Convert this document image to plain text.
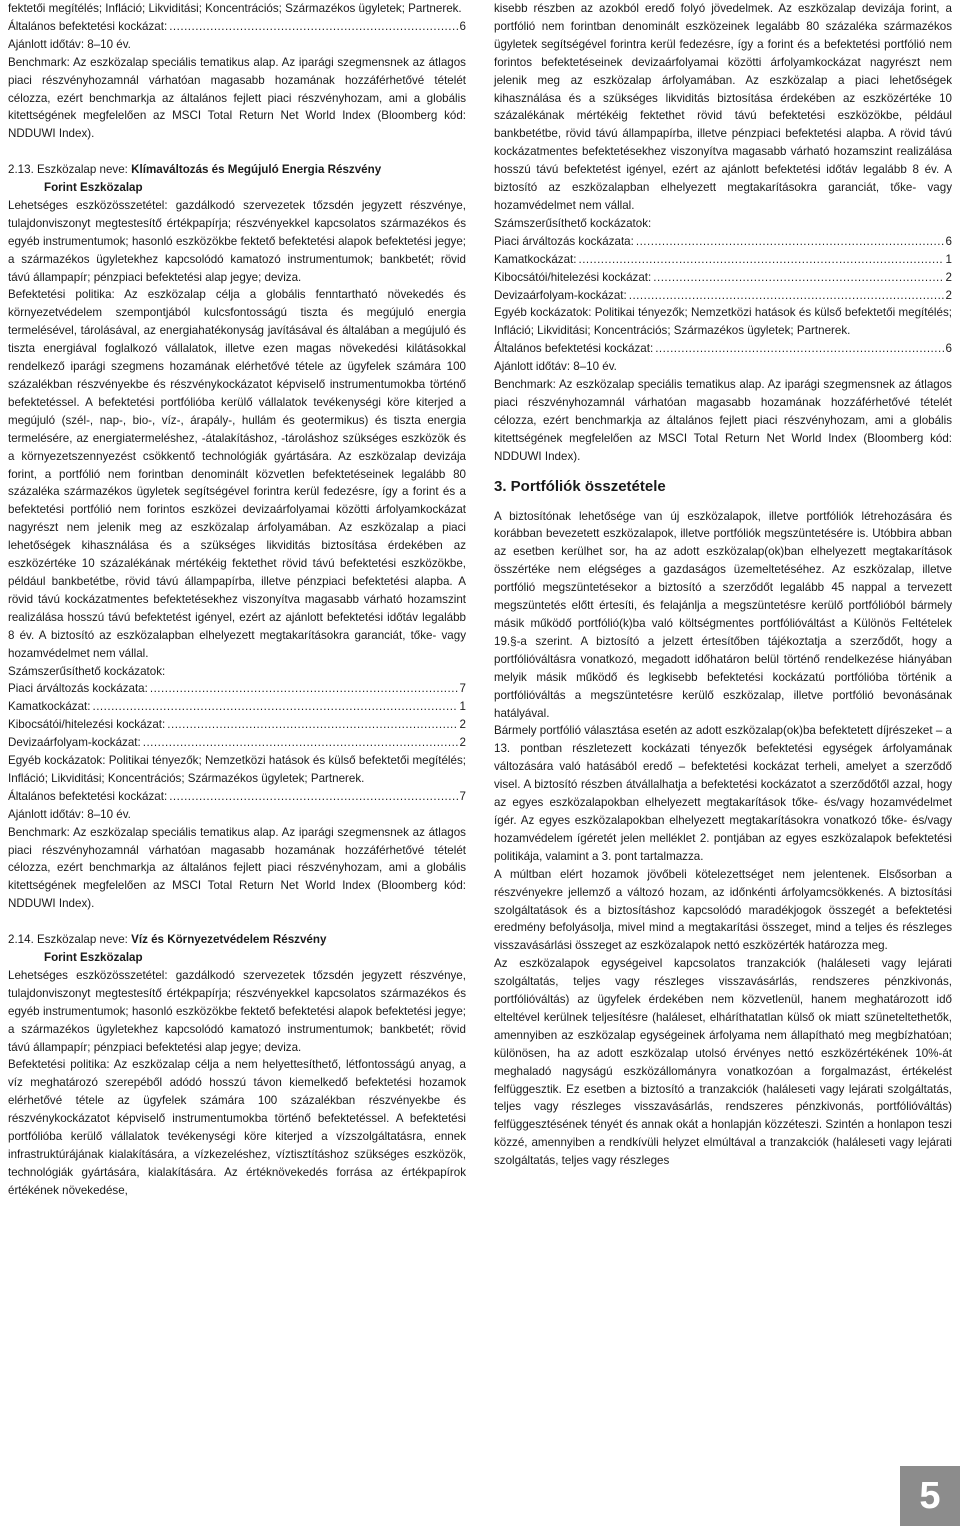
fektetői megítélés; Infláció; Likviditási; Koncentrációs; Származékos ügyletek; Partnerek.

Általános befektetési kockázat: .....	6

Ajánlott időtáv: 8–10 év.

Benchmark: Az eszközalap speciális tematikus alap. Az iparági szegmensnek az átlagos piaci részvényhozamnál várhatóan magasabb hozamának hozzáférhetővé tételét célozza, ezért benchmarkja az általános fejlett piaci részvényhozam, ami a globális kitettségének megfelelően az MSCI Total Return Net World Index (Bloomberg kód: NDDUWI Index).

2.13. Eszközalap neve: Klímaváltozás és Megújuló Energia Részvény

Forint Eszközalap

Lehetséges eszközösszetétel: gazdálkodó szervezetek tőzsdén jegyzett részvénye, tulajdonviszonyt megtestesítő értékpapírja; részvényekkel kapcsolatos származékos és egyéb instrumentumok; hasonló eszközökbe fektető befektetési alapok befektetési jegye; a származékos ügyletekhez kapcsolódó kamatozó instrumentumok; bankbetét; rövid távú állampapír; pénzpiaci befektetési alap jegye; deviza.

Befektetési politika: Az eszközalap célja a globális fenntartható növekedés és környezetvédelem szempontjából kulcsfontosságú tiszta és megújuló energia termelésével, tárolásával, az energiahatékonyság javításával és általában a megújuló és tiszta energiával foglalkozó vállalatok, illetve ezen magas növekedési kilátásokkal rendelkező iparági szegmens hozamának elérhetővé tétele az ügyfelek számára 100 százalékban részvényekbe és részvénykockázatot képviselő instrumentumokba történő befektetéssel. A befektetési portfólióba kerülő vállalatok tevékenységi köre kiterjed a megújuló (szél-, nap-, bio-, víz-, árapály-, hullám és geotermikus) és tiszta energia termelésére, az energiatermeléshez, -átalakításhoz, -tároláshoz szükséges eszközök és a környezetszennyezést csökkentő technológiák gyártására. Az eszközalap devizája forint, a portfólió nem forintban denominált közvetlen befektetéseinek legalább 80 százaléka származékos ügyletek segítségével forintra kerül fedezésre, így a forint és a befektetési portfólió nem forintos eszközei devizaárfolyamai közötti árfolyamkockázat nagyrészt nem jelenik meg az eszközalap árfolyamában. Az eszközalap a piaci lehetőségek kihasználása és a szükséges likviditás biztosítása érdekében az eszközértéke 10 százalékának mértékéig fektethet rövid távú befektetési eszközökbe, például bankbetétbe, rövid távú állampapírba, illetve pénzpiaci befektetési alapba. A rövid távú kockázatmentes befektetésekhez viszonyítva magasabb várható hozamszint realizálása hosszú távú befektetést igényel, ezért az ajánlott befektetési időtáv legalább 8 év. A biztosító az eszközalapban elhelyezett megtakarításokra garanciát, tőke- vagy hozamvédelmet nem vállal.

Számszerűsíthető kockázatok:

Piaci árváltozás kockázata: .....	7
Kamatkockázat: .....	1
Kibocsátói/hitelezési kockázat: .....	2
Devizaárfolyam-kockázat: .....	2

Egyéb kockázatok: Politikai tényezők; Nemzetközi hatások és külső befektetői megítélés; Infláció; Likviditási; Koncentrációs; Származékos ügyletek; Partnerek.

Általános befektetési kockázat: .....	7

Ajánlott időtáv: 8–10 év.

Benchmark: Az eszközalap speciális tematikus alap. Az iparági szegmensnek az átlagos piaci részvényhozamnál várhatóan magasabb hozamának hozzáférhetővé tételét célozza, ezért benchmarkja az általános fejlett piaci részvényhozam, ami a globális kitettségének megfelelően az MSCI Total Return Net World Index (Bloomberg kód: NDDUWI Index).

2.14. Eszközalap neve: Víz és Környezetvédelem Részvény

Forint Eszközalap

Lehetséges eszközösszetétel: gazdálkodó szervezetek tőzsdén jegyzett részvénye, tulajdonviszonyt megtestesítő értékpapírja; részvényekkel kapcsolatos származékos és egyéb instrumentumok; hasonló eszközökbe fektető befektetési alapok befektetési jegye; a származékos ügyletekhez kapcsolódó kamatozó instrumentumok; bankbetét; rövid távú állampapír; pénzpiaci befektetési alap jegye; deviza.

Befektetési politika: Az eszközalap célja a nem helyettesíthető, létfontosságú anyag, a víz meghatározó szerepéből adódó hosszú távon kiemelkedő befektetési hozamok elérhetővé tétele az ügyfelek számára 100 százalékban részvényekbe és részvénykockázatot képviselő instrumentumokba történő befektetéssel. A befektetési portfólióba kerülő vállalatok tevékenységi köre kiterjed a vízszolgáltatásra, ennek infrastruktúrájának kialakítására, a vízkezeléshez, víztisztításhoz szükséges eszközök, technológiák gyártására, kialakítására. Az értéknövekedés forrása az értékpapírok értékének növekedése,

kisebb részben az azokból eredő folyó jövedelmek. Az eszközalap devizája forint, a portfólió nem forintban denominált eszközeinek legalább 80 százaléka származékos ügyletek segítségével forintra kerül fedezésre, így a forint és a befektetési portfólió nem forintos befektetéseinek devizaárfolyamai közötti árfolyamkockázat nagyrészt nem jelenik meg az eszközalap árfolyamában. Az eszközalap a piaci lehetőségek kihasználása és a szükséges likviditás biztosítása érdekében az eszközértéke 10 százalékának mértékéig fektethet rövid távú befektetési eszközökbe, például bankbetétbe, rövid távú állampapírba, illetve pénzpiaci befektetési alapba. A rövid távú kockázatmentes befektetésekhez viszonyítva magasabb várható hozamszint realizálása hosszú távú befektetést igényel, ezért az ajánlott befektetési időtáv legalább 8 év. A biztosító az eszközalapban elhelyezett megtakarításokra garanciát, tőke- vagy hozamvédelmet nem vállal.

Számszerűsíthető kockázatok:

Piaci árváltozás kockázata: .....	6
Kamatkockázat: .....	1
Kibocsátói/hitelezési kockázat: .....	2
Devizaárfolyam-kockázat: .....	2

Egyéb kockázatok: Politikai tényezők; Nemzetközi hatások és külső befektetői megítélés; Infláció; Likviditási; Koncentrációs; Származékos ügyletek; Partnerek.

Általános befektetési kockázat: .....	6

Ajánlott időtáv: 8–10 év.

Benchmark: Az eszközalap speciális tematikus alap. Az iparági szegmensnek az átlagos piaci részvényhozamnál várhatóan magasabb hozamának hozzáférhetővé tételét célozza, ezért benchmarkja az általános fejlett piaci részvényhozam, ami a globális kitettségének megfelelően az MSCI Total Return Net World Index (Bloomberg kód: NDDUWI Index).

3. Portfóliók összetétele

A biztosítónak lehetősége van új eszközalapok, illetve portfóliók létrehozására és korábban bevezetett eszközalapok, illetve portfóliók megszüntetésére is. Utóbbira abban az esetben kerülhet sor, ha az adott eszközalap(ok)ban elhelyezett megtakarítások összértéke nem elégséges a gazdaságos üzemeltetéséhez. Az eszközalap, illetve portfólió megszüntetésekor a biztosító a szerződőt legalább 45 nappal a tervezett megszüntetés előtt értesíti, és felajánlja a megszüntetésre kerülő portfólióból bármely másik működő portfólió(k)ba való költségmentes portfólióváltást a Különös Feltételek 19.§-a szerint. A biztosító a jelzett értesítőben tájékoztatja a szerződőt, hogy a portfólióváltásra vonatkozó, megadott időhatáron belül történő rendelkezése hiányában melyik másik működő és legkisebb befektetési kockázatú portfólióba történik a portfólióváltás a megszüntetésre kerülő eszközalap, illetve portfólió bevonásának hatályával.

Bármely portfólió választása esetén az adott eszközalap(ok)ba befektetett díjrészeket – a 13. pontban részletezett kockázati tényezők befektetési egységek árfolyamának változására való hatásából eredő – befektetési kockázat terheli, amelyet a szerződő visel. A biztosító részben átvállalhatja a befektetési kockázatot a szerződőtől azzal, hogy az egyes eszközalapokban elhelyezett megtakarítások tőke- és/vagy hozamvédelmet ígér. Az egyes eszközalapokban elhelyezett megtakarításokra vonatkozó tőke- és/vagy hozamvédelem ígéretét jelen melléklet 2. pontjában az egyes eszközalapok befektetési politikája, valamint a 3. pont tartalmazza.

A múltban elért hozamok jövőbeli kötelezettséget nem jelentenek. Elsősorban a részvényekre jellemző a változó hozam, az időnkénti árfolyamcsökkenés. A biztosítási szolgáltatások és a biztosításhoz kapcsolódó maradékjogok összegét a befektetési eredmény befolyásolja, mivel mind a megtakarítási összeget, mind a teljes és részleges visszavásárlási összeget az eszközalapok nettó eszközérték határozza meg.

Az eszközalapok egységeivel kapcsolatos tranzakciók (haláleseti vagy lejárati szolgáltatás, teljes vagy részleges visszavásárlás, rendszeres pénzkivonás, portfólióváltás) az ügyfelek érdekében nem közvetlenül, hanem meghatározott idő elteltével kerülnek teljesítésre (haláleset, elháríthatatlan külső ok miatt szüneteltethetők, amennyiben az eszközalap egységeinek árfolyama nem állapítható meg megbízhatóan; különösen, ha az adott eszközalap utolsó érvényes nettó eszközértékének 10%-át meghaladó nagyságú eszközállományra vonatkozóan a forgalmazást, értékelést felfüggesztik. Ez esetben a biztosító a tranzakciók (haláleseti vagy lejárati szolgáltatás, teljes vagy részleges visszavásárlás, rendszeres pénzkivonás, portfólióváltás) felfüggesztésének tényét és annak okát a honlapján közzéteszi. Szintén a honlapon teszi közzé, amennyiben a rendkívüli helyzet elmúltával a tranzakciók (haláleseti vagy lejárati szolgáltatás, teljes vagy részleges

5
